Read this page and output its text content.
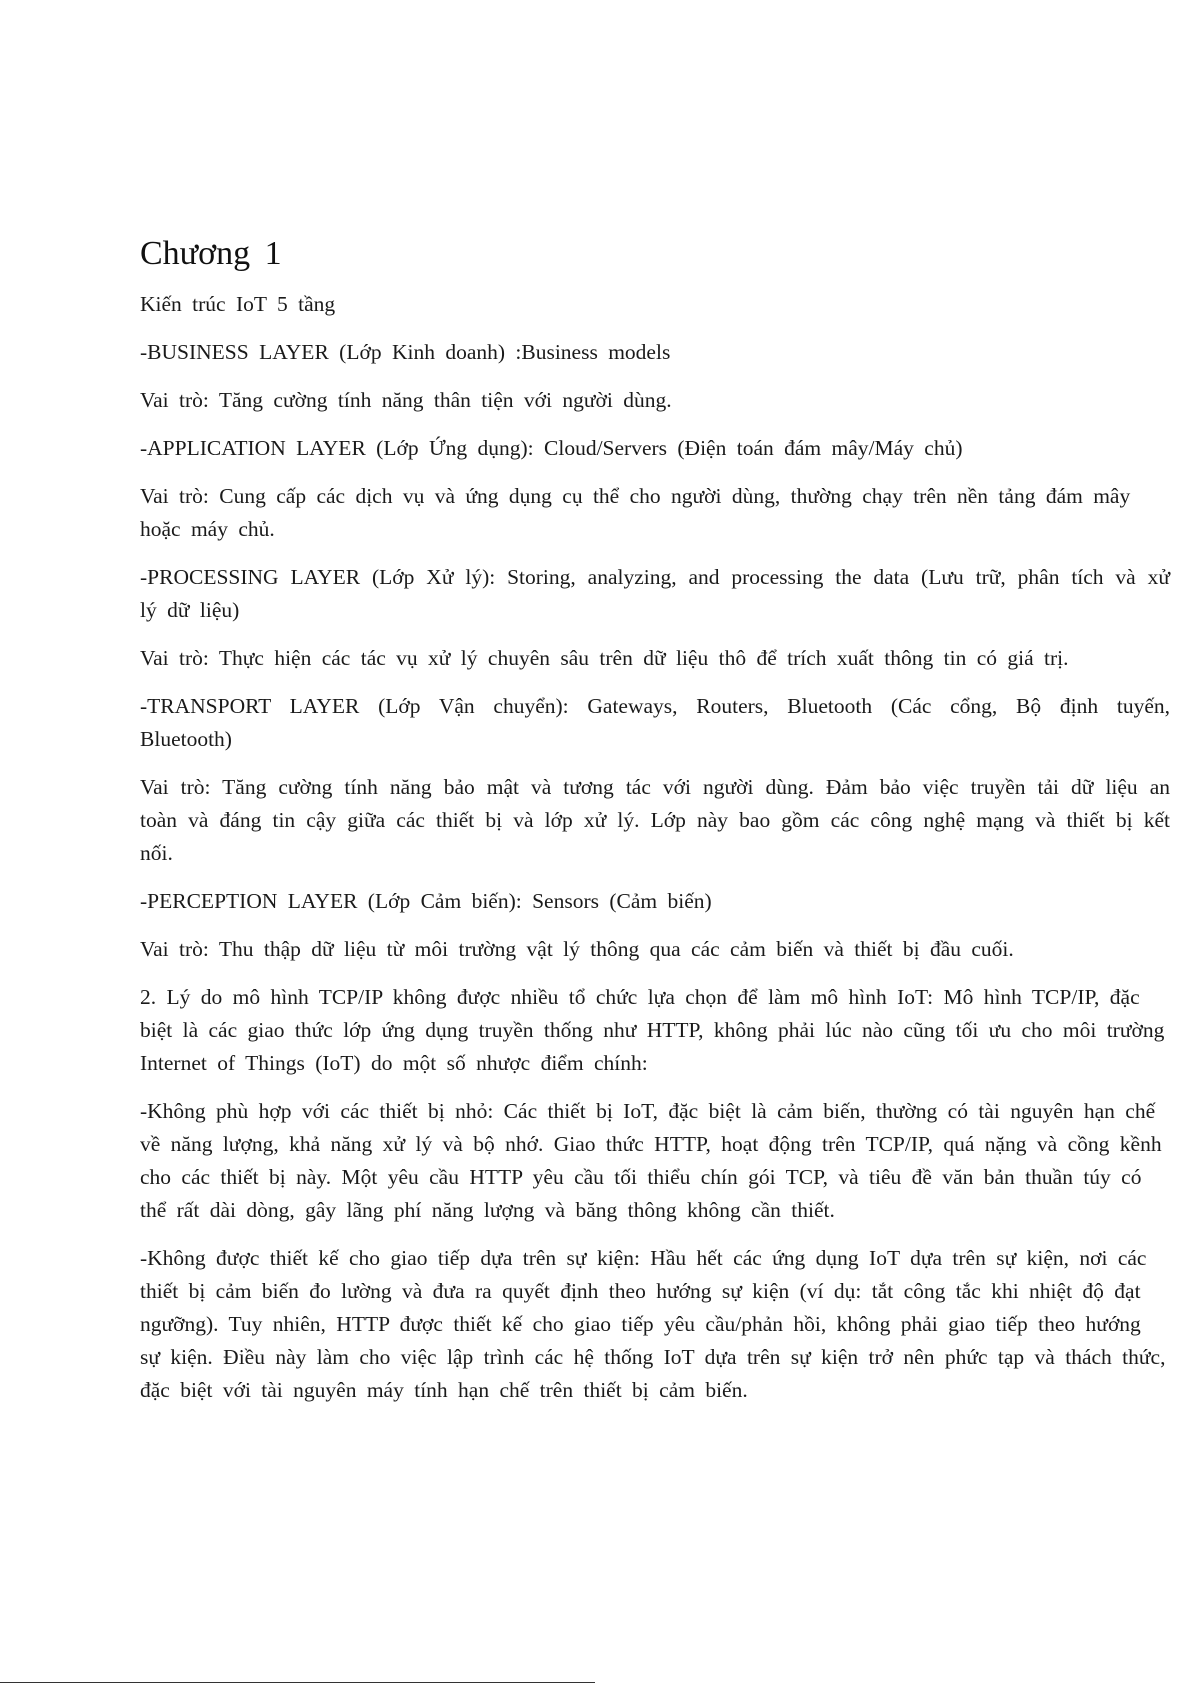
Chương 1

Kiến trúc IoT 5 tầng

-BUSINESS LAYER (Lớp Kinh doanh) :Business models

Vai trò: Tăng cường tính năng thân tiện với người dùng.

-APPLICATION LAYER (Lớp Ứng dụng): Cloud/Servers (Điện toán đám mây/Máy chủ)

Vai trò: Cung cấp các dịch vụ và ứng dụng cụ thể cho người dùng, thường chạy trên nền tảng đám mây hoặc máy chủ.

-PROCESSING LAYER (Lớp Xử lý): Storing, analyzing, and processing the data (Lưu trữ, phân tích và xử lý dữ liệu)

Vai trò: Thực hiện các tác vụ xử lý chuyên sâu trên dữ liệu thô để trích xuất thông tin có giá trị.

-TRANSPORT LAYER (Lớp Vận chuyển): Gateways, Routers, Bluetooth (Các cổng, Bộ định tuyến, Bluetooth)

Vai trò: Tăng cường tính năng bảo mật và tương tác với người dùng. Đảm bảo việc truyền tải dữ liệu an toàn và đáng tin cậy giữa các thiết bị và lớp xử lý. Lớp này bao gồm các công nghệ mạng và thiết bị kết nối.

-PERCEPTION LAYER (Lớp Cảm biến): Sensors (Cảm biến)

Vai trò: Thu thập dữ liệu từ môi trường vật lý thông qua các cảm biến và thiết bị đầu cuối.

2. Lý do mô hình TCP/IP không được nhiều tổ chức lựa chọn để làm mô hình IoT: Mô hình TCP/IP, đặc biệt là các giao thức lớp ứng dụng truyền thống như HTTP, không phải lúc nào cũng tối ưu cho môi trường Internet of Things (IoT) do một số nhược điểm chính:

-Không phù hợp với các thiết bị nhỏ: Các thiết bị IoT, đặc biệt là cảm biến, thường có tài nguyên hạn chế về năng lượng, khả năng xử lý và bộ nhớ. Giao thức HTTP, hoạt động trên TCP/IP, quá nặng và cồng kềnh cho các thiết bị này. Một yêu cầu HTTP yêu cầu tối thiểu chín gói TCP, và tiêu đề văn bản thuần túy có thể rất dài dòng, gây lãng phí năng lượng và băng thông không cần thiết.

-Không được thiết kế cho giao tiếp dựa trên sự kiện: Hầu hết các ứng dụng IoT dựa trên sự kiện, nơi các thiết bị cảm biến đo lường và đưa ra quyết định theo hướng sự kiện (ví dụ: tắt công tắc khi nhiệt độ đạt ngưỡng). Tuy nhiên, HTTP được thiết kế cho giao tiếp yêu cầu/phản hồi, không phải giao tiếp theo hướng sự kiện. Điều này làm cho việc lập trình các hệ thống IoT dựa trên sự kiện trở nên phức tạp và thách thức, đặc biệt với tài nguyên máy tính hạn chế trên thiết bị cảm biến.
